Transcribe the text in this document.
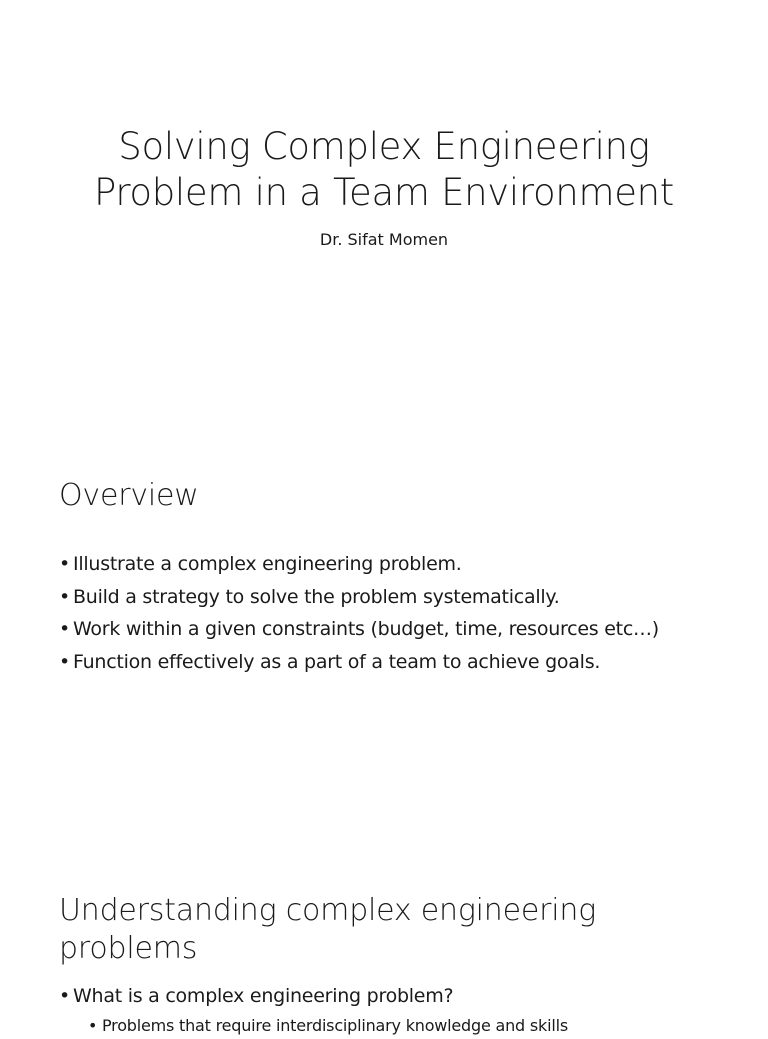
Solving Complex Engineering
Problem in a Team Environment
Dr. Sifat Momen
Overview
• Illustrate a complex engineering problem.
• Build a strategy to solve the problem systematically.
• Work within a given constraints (budget, time, resources etc…)
• Function effectively as a part of a team to achieve goals.
Understanding complex engineering
problems
• What is a complex engineering problem?
• Problems that require interdisciplinary knowledge and skills
